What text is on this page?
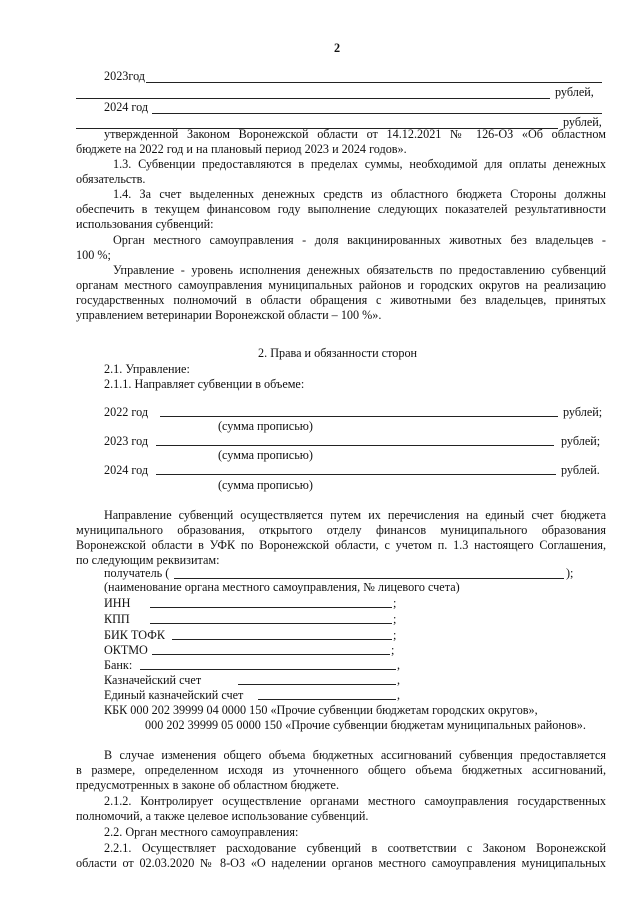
2
2023год
рублей,
2024 год
рублей,
утвержденной Законом Воронежской области от 14.12.2021 № 126-ОЗ «Об областном
бюджете на 2022 год и на плановый период 2023 и 2024 годов».
1.3. Субвенции предоставляются в пределах суммы, необходимой для оплаты денежных
обязательств.
1.4. За счет выделенных денежных средств из областного бюджета Стороны должны
обеспечить в текущем финансовом году выполнение следующих показателей результативности
использования субвенций:
Орган местного самоуправления - доля вакцинированных животных без владельцев -
100 %;
Управление - уровень исполнения денежных обязательств по предоставлению субвенций
органам местного самоуправления муниципальных районов и городских округов на реализацию
государственных полномочий в области обращения с животными без владельцев, принятых
управлением ветеринарии Воронежской области – 100 %».
2. Права и обязанности сторон
2.1. Управление:
2.1.1. Направляет субвенции в объеме:
2022 год	рублей;
(сумма прописью)
2023 год	рублей;
(сумма прописью)
2024 год	рублей.
(сумма прописью)
Направление субвенций осуществляется путем их перечисления на единый счет бюджета
муниципального образования, открытого отделу финансов муниципального образования
Воронежской области в УФК по Воронежской области, с учетом п. 1.3 настоящего Соглашения,
по следующим реквизитам:
получатель (	);
(наименование органа местного самоуправления, № лицевого счета)
ИНН	;
КПП	;
БИК ТОФК	;
ОКТМО	;
Банк:	,
Казначейский счет	,
Единый казначейский счет	,
КБК 000 202 39999 04 0000 150 «Прочие субвенции бюджетам городских округов»,
000 202 39999 05 0000 150 «Прочие субвенции бюджетам муниципальных районов».
В случае изменения общего объема бюджетных ассигнований субвенция предоставляется
в размере, определенном исходя из уточненного общего объема бюджетных ассигнований,
предусмотренных в законе об областном бюджете.
2.1.2. Контролирует осуществление органами местного самоуправления государственных
полномочий, а также целевое использование субвенций.
2.2. Орган местного самоуправления:
2.2.1. Осуществляет расходование субвенций в соответствии с Законом Воронежской
области от 02.03.2020 № 8-ОЗ «О наделении органов местного самоуправления муниципальных
